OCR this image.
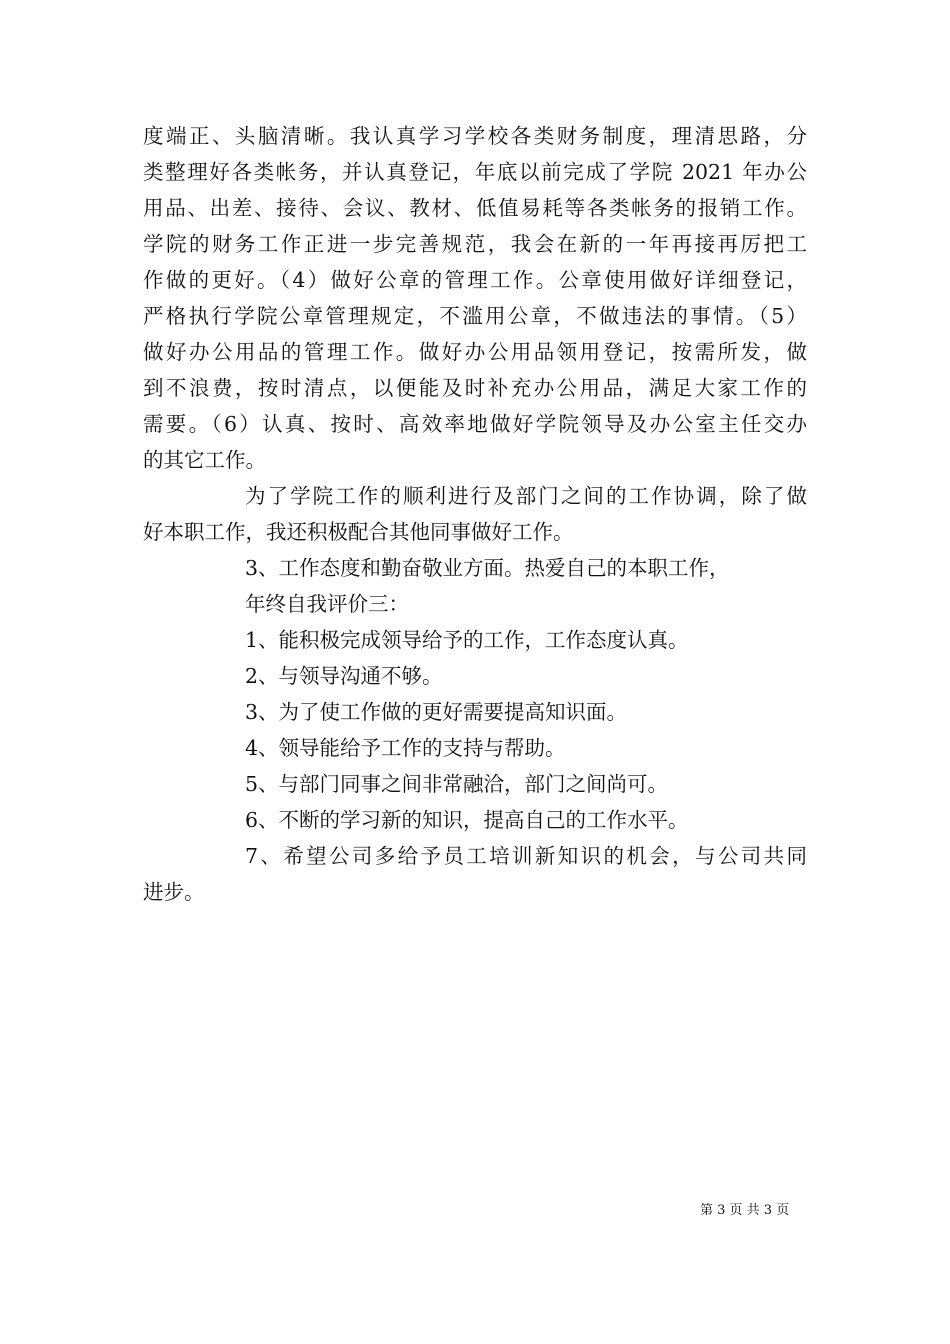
度端正、头脑清晰。我认真学习学校各类财务制度，理清思路，分
类整理好各类帐务，并认真登记，年底以前完成了学院 2021 年办公
用品、出差、接待、会议、教材、低值易耗等各类帐务的报销工作。
学院的财务工作正进一步完善规范，我会在新的一年再接再厉把工
作做的更好。（4）做好公章的管理工作。公章使用做好详细登记，
严格执行学院公章管理规定，不滥用公章，不做违法的事情。（5）
做好办公用品的管理工作。做好办公用品领用登记，按需所发，做
到不浪费，按时清点，以便能及时补充办公用品，满足大家工作的
需要。（6）认真、按时、高效率地做好学院领导及办公室主任交办
的其它工作。
为了学院工作的顺利进行及部门之间的工作协调，除了做
好本职工作，我还积极配合其他同事做好工作。
3、工作态度和勤奋敬业方面。热爱自己的本职工作，
年终自我评价三：
1、能积极完成领导给予的工作，工作态度认真。
2、与领导沟通不够。
3、为了使工作做的更好需要提高知识面。
4、领导能给予工作的支持与帮助。
5、与部门同事之间非常融洽，部门之间尚可。
6、不断的学习新的知识，提高自己的工作水平。
7、希望公司多给予员工培训新知识的机会，与公司共同
进步。
第 3 页 共 3 页
